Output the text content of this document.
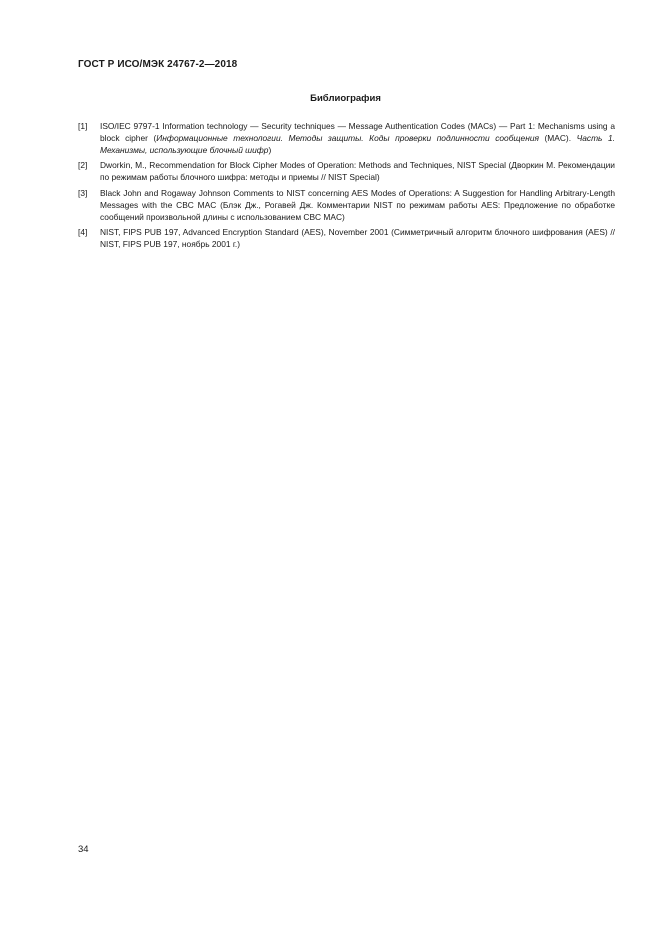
ГОСТ Р ИСО/МЭК 24767-2—2018
Библиография
[1]	ISO/IEC 9797-1 Information technology — Security techniques — Message Authentication Codes (MACs) — Part 1: Mechanisms using a block cipher (Информационные технологии. Методы защиты. Коды проверки подлинности сообщения (MAC). Часть 1. Механизмы, использующие блочный шифр)
[2]	Dworkin, M., Recommendation for Block Cipher Modes of Operation: Methods and Techniques, NIST Special (Дворкин М. Рекомендации по режимам работы блочного шифра: методы и приемы // NIST Special)
[3]	Black John and Rogaway Johnson Comments to NIST concerning AES Modes of Operations: A Suggestion for Handling Arbitrary-Length Messages with the CBC MAC (Блэк Дж., Рогавей Дж. Комментарии NIST по режимам работы AES: Предложение по обработке сообщений произвольной длины с использованием CBC MAC)
[4]	NIST, FIPS PUB 197, Advanced Encryption Standard (AES), November 2001 (Симметричный алгоритм блочного шифрования (AES) // NIST, FIPS PUB 197, ноябрь 2001 г.)
34
